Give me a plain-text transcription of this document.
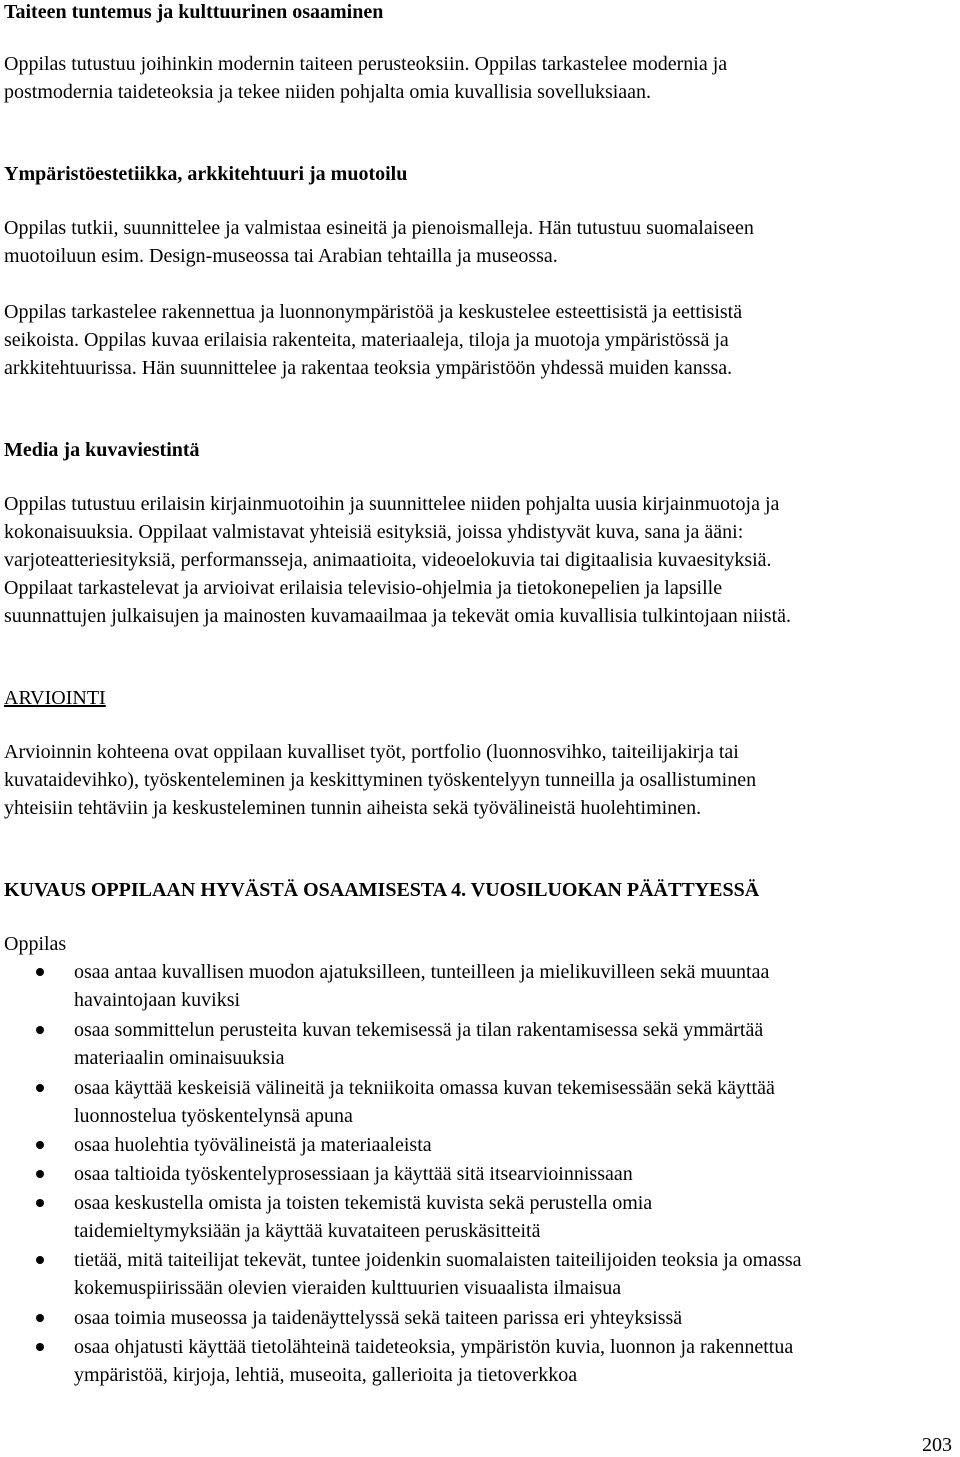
Taiteen tuntemus ja kulttuurinen osaaminen
Oppilas tutustuu joihinkin modernin taiteen perusteoksiin. Oppilas tarkastelee modernia ja
postmodernia taideteoksia ja tekee niiden pohjalta omia kuvallisia sovelluksiaan.
Ympäristöestetiikka, arkkitehtuuri ja muotoilu
Oppilas tutkii, suunnittelee ja valmistaa esineitä ja pienoismalleja. Hän tutustuu suomalaiseen
muotoiluun esim. Design-museossa tai Arabian tehtailla ja museossa.
Oppilas tarkastelee rakennettua ja luonnonympäristöä ja keskustelee esteettisistä ja eettisistä
seikoista. Oppilas kuvaa erilaisia rakenteita, materiaaleja, tiloja ja muotoja ympäristössä ja
arkkitehtuurissa. Hän suunnittelee ja rakentaa teoksia ympäristöön yhdessä muiden kanssa.
Media ja kuvaviestintä
Oppilas tutustuu erilaisin kirjainmuotoihin ja suunnittelee niiden pohjalta uusia kirjainmuotoja ja
kokonaisuuksia. Oppilaat valmistavat yhteisiä esityksiä, joissa yhdistyvät kuva, sana ja ääni:
varjoteatteriesityksiä, performansseja, animaatioita, videoelokuvia tai digitaalisia kuvaesityksiä.
Oppilaat tarkastelevat ja arvioivat erilaisia televisio-ohjelmia ja tietokonepelien ja lapsille
suunnattujen julkaisujen ja mainosten kuvamaailmaa ja tekevät omia kuvallisia tulkintojaan niistä.
ARVIOINTI
Arvioinnin kohteena ovat oppilaan kuvalliset työt, portfolio (luonnosvihko, taiteilijakirja tai
kuvataidevihko), työskenteleminen ja keskittyminen työskentelyyn tunneilla ja osallistuminen
yhteisiin tehtäviin ja keskusteleminen tunnin aiheista sekä työvälineistä huolehtiminen.
KUVAUS OPPILAAN HYVÄSTÄ OSAAMISESTA 4. VUOSILUOKAN PÄÄTTYESSÄ
Oppilas
osaa antaa kuvallisen muodon ajatuksilleen, tunteilleen ja mielikuvilleen sekä muuntaa
havaintojaan kuviksi
osaa sommittelun perusteita kuvan tekemisessä ja tilan rakentamisessa sekä ymmärtää
materiaalin ominaisuuksia
osaa käyttää keskeisiä välineitä ja tekniikoita omassa kuvan tekemisessään sekä käyttää
luonnostelua työskentelynsä apuna
osaa huolehtia työvälineistä ja materiaaleista
osaa taltioida työskentelyprosessiaan ja käyttää sitä itsearvioinnissaan
osaa keskustella omista ja toisten tekemistä kuvista sekä perustella omia
taidemieltymyksiään ja käyttää kuvataiteen peruskäsitteitä
tietää, mitä taiteilijat tekevät, tuntee joidenkin suomalaisten taiteilijoiden teoksia ja omassa
kokemuspiirissään olevien vieraiden kulttuurien visuaalista ilmaisua
osaa toimia museossa ja taidenäyttelyssä sekä taiteen parissa eri yhteyksissä
osaa ohjatusti käyttää tietolähteinä taideteoksia, ympäristön kuvia, luonnon ja rakennettua
ympäristöä, kirjoja, lehtiä, museoita, gallerioita ja tietoverkkoa
203
